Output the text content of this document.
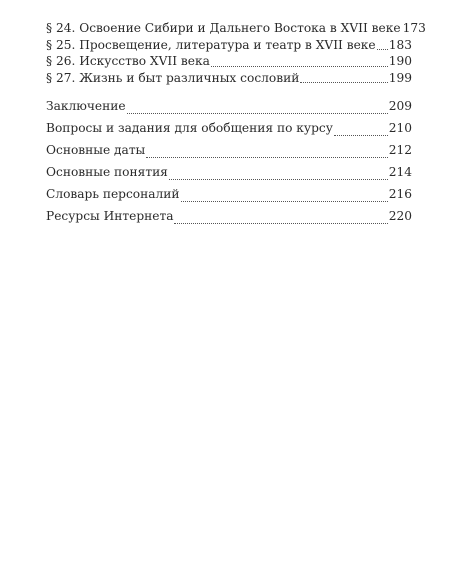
§ 24. Освоение Сибири и Дальнего Востока в XVII веке 173
§ 25. Просвещение, литература и театр в XVII веке 183
§ 26. Искусство XVII века	190
§ 27. Жизнь и быт различных сословий	199
Заключение	209
Вопросы и задания для обобщения по курсу	210
Основные даты	212
Основные понятия	214
Словарь персоналий	216
Ресурсы Интернета	220
